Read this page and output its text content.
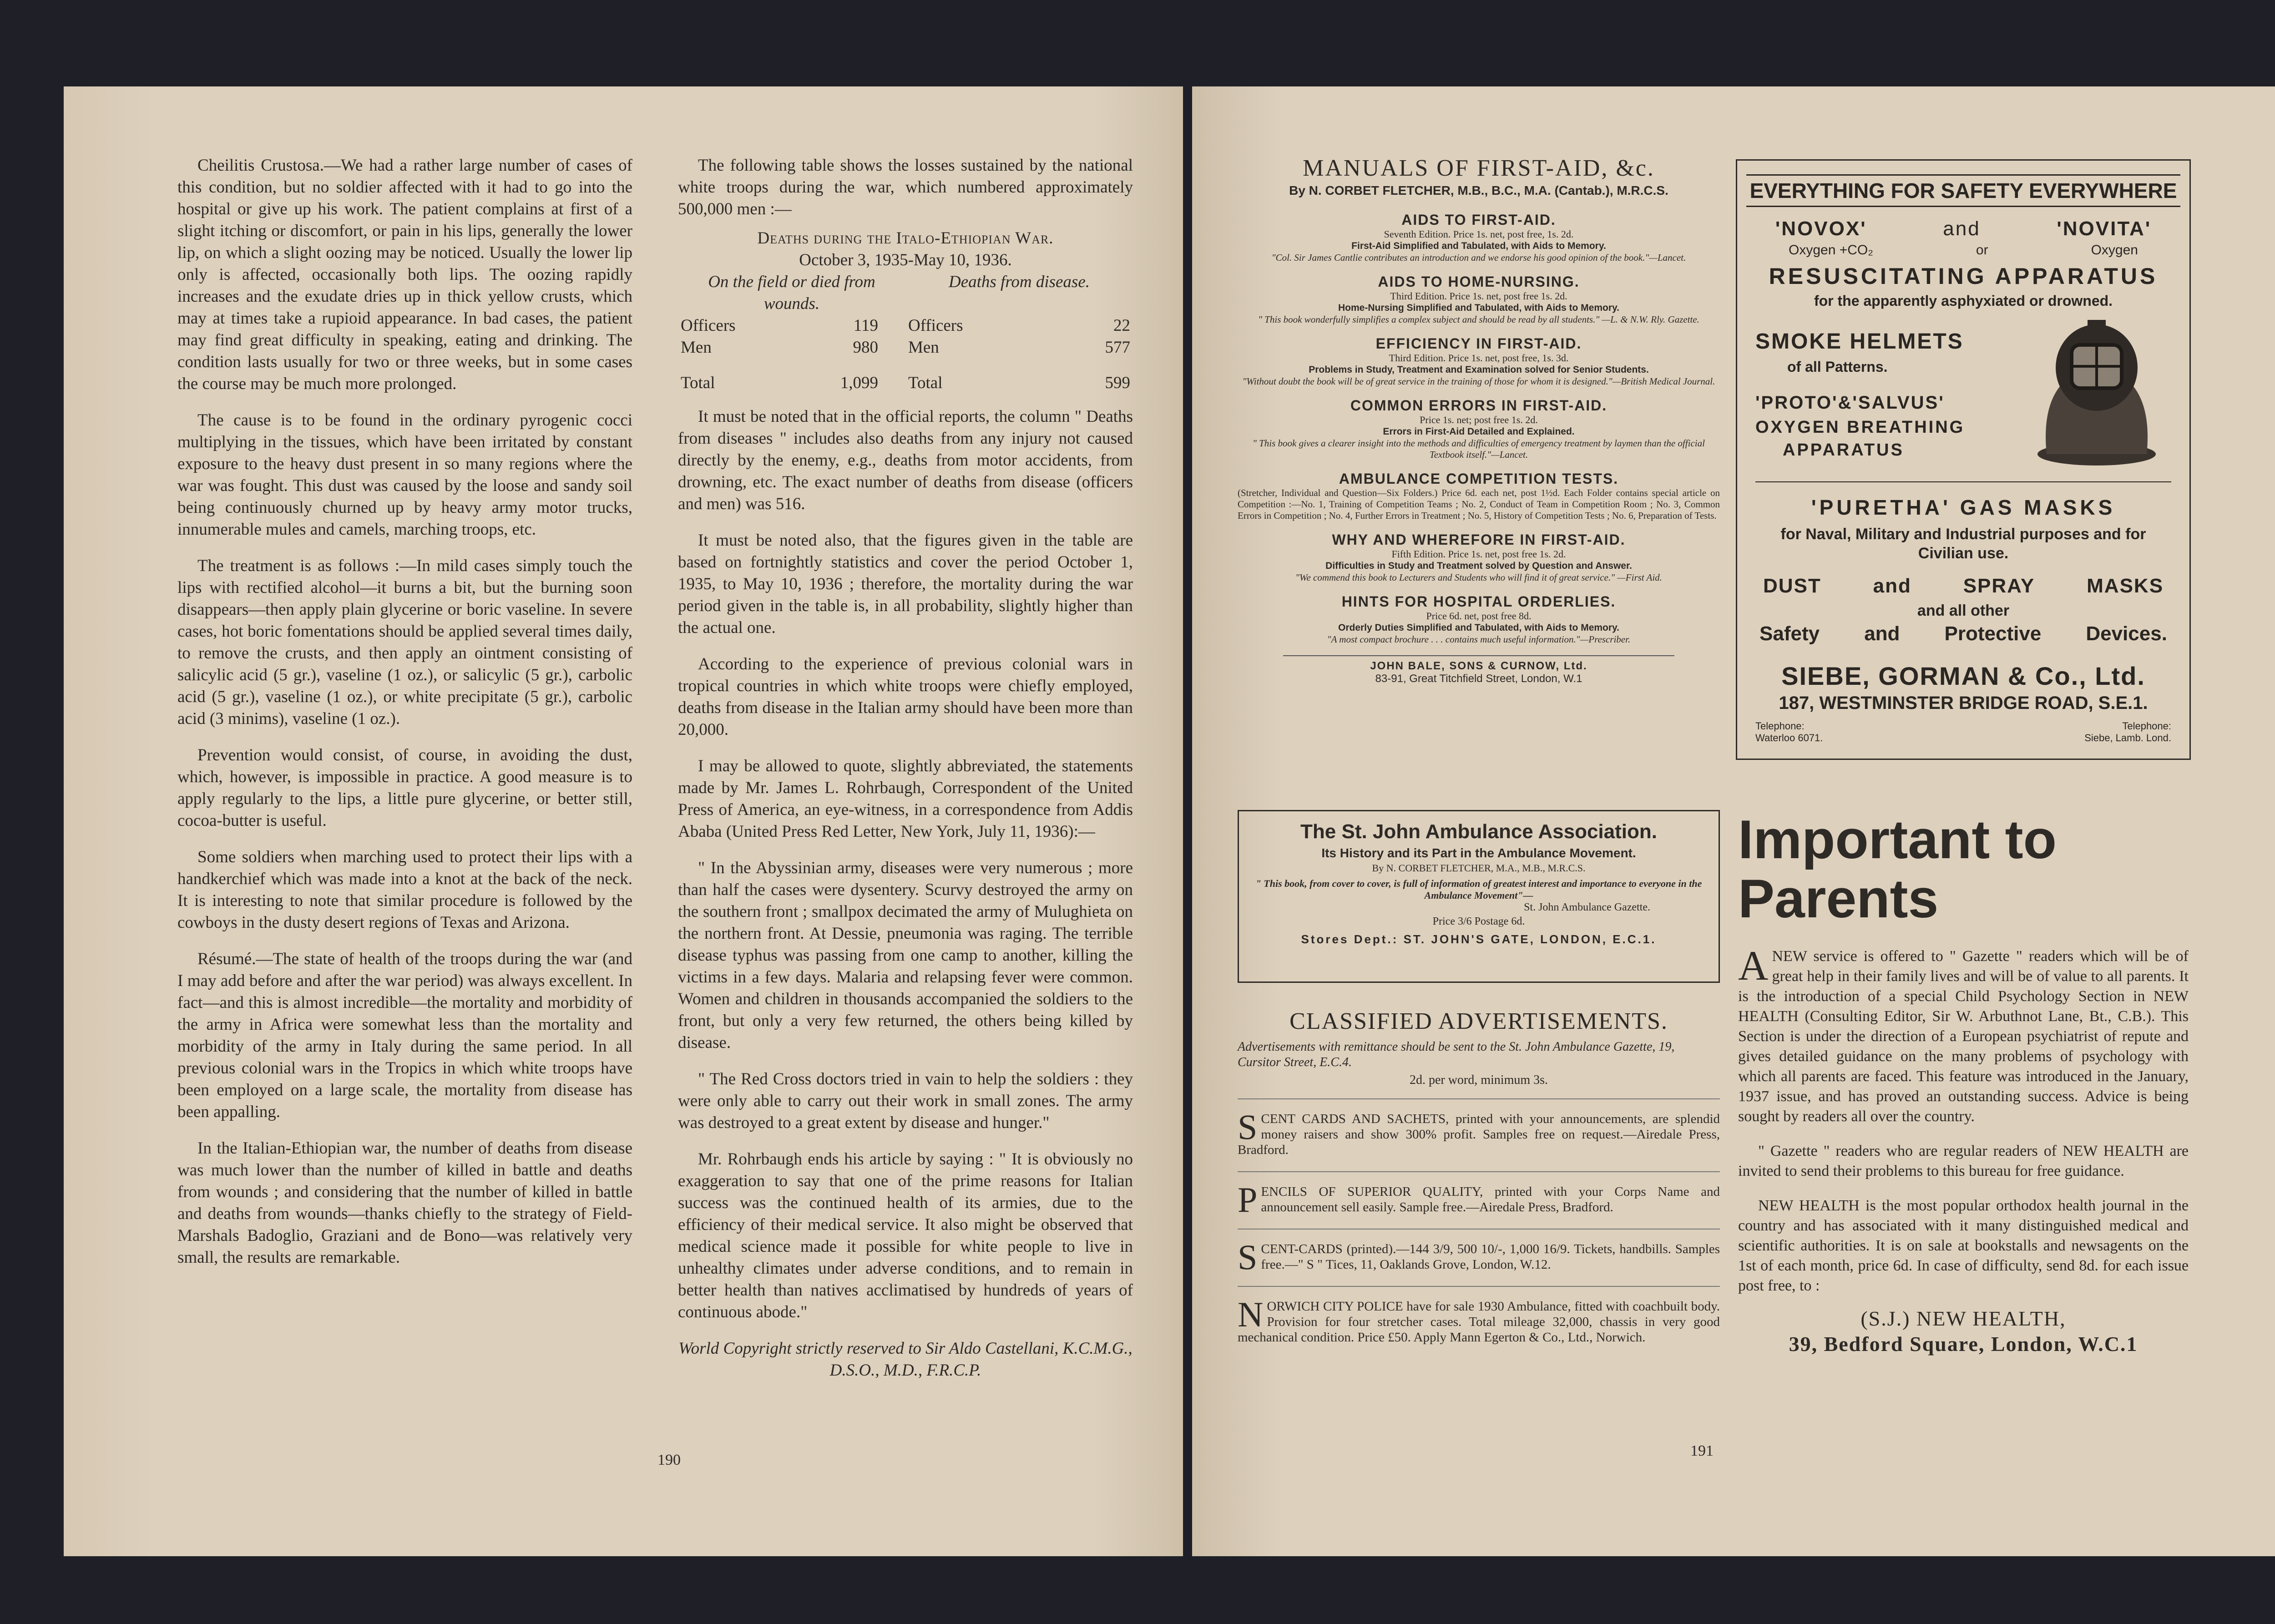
Cheilitis Crustosa.—We had a rather large number of cases of this condition, but no soldier affected with it had to go into the hospital or give up his work. The patient complains at first of a slight itching or discomfort, or pain in his lips, generally the lower lip, on which a slight oozing may be noticed. Usually the lower lip only is affected, occasionally both lips. The oozing rapidly increases and the exudate dries up in thick yellow crusts, which may at times take a rupioid appearance. In bad cases, the patient may find great difficulty in speaking, eating and drinking. The condition lasts usually for two or three weeks, but in some cases the course may be much more prolonged.

The cause is to be found in the ordinary pyrogenic cocci multiplying in the tissues, which have been irritated by constant exposure to the heavy dust present in so many regions where the war was fought. This dust was caused by the loose and sandy soil being continuously churned up by heavy army motor trucks, innumerable mules and camels, marching troops, etc.

The treatment is as follows :—In mild cases simply touch the lips with rectified alcohol—it burns a bit, but the burning soon disappears—then apply plain glycerine or boric vaseline. In severe cases, hot boric fomentations should be applied several times daily, to remove the crusts, and then apply an ointment consisting of salicylic acid (5 gr.), vaseline (1 oz.), or salicylic (5 gr.), carbolic acid (5 gr.), vaseline (1 oz.), or white precipitate (5 gr.), carbolic acid (3 minims), vaseline (1 oz.).

Prevention would consist, of course, in avoiding the dust, which, however, is impossible in practice. A good measure is to apply regularly to the lips, a little pure glycerine, or better still, cocoa-butter is useful.

Some soldiers when marching used to protect their lips with a handkerchief which was made into a knot at the back of the neck. It is interesting to note that similar procedure is followed by the cowboys in the dusty desert regions of Texas and Arizona.

Résumé.—The state of health of the troops during the war (and I may add before and after the war period) was always excellent. In fact—and this is almost incredible—the mortality and morbidity of the army in Africa were somewhat less than the mortality and morbidity of the army in Italy during the same period. In all previous colonial wars in the Tropics in which white troops have been employed on a large scale, the mortality from disease has been appalling.

In the Italian-Ethiopian war, the number of deaths from disease was much lower than the number of killed in battle and deaths from wounds ; and considering that the number of killed in battle and deaths from wounds—thanks chiefly to the strategy of Field-Marshals Badoglio, Graziani and de Bono—was relatively very small, the results are remarkable.

The following table shows the losses sustained by the national white troops during the war, which numbered approximately 500,000 men :—

Deaths during the Italo-Ethiopian War.
October 3, 1935-May 10, 1936.
On the field or died from wounds.		Deaths from disease.	
Officers	119	Officers	22
Men	980	Men	577
Total	1,099	Total	599

It must be noted that in the official reports, the column " Deaths from diseases " includes also deaths from any injury not caused directly by the enemy, e.g., deaths from motor accidents, from drowning, etc. The exact number of deaths from disease (officers and men) was 516.

It must be noted also, that the figures given in the table are based on fortnightly statistics and cover the period October 1, 1935, to May 10, 1936 ; therefore, the mortality during the war period given in the table is, in all probability, slightly higher than the actual one.

According to the experience of previous colonial wars in tropical countries in which white troops were chiefly employed, deaths from disease in the Italian army should have been more than 20,000.

I may be allowed to quote, slightly abbreviated, the statements made by Mr. James L. Rohrbaugh, Correspondent of the United Press of America, an eye-witness, in a correspondence from Addis Ababa (United Press Red Letter, New York, July 11, 1936):—

" In the Abyssinian army, diseases were very numerous ; more than half the cases were dysentery. Scurvy destroyed the army on the southern front ; smallpox decimated the army of Mulughieta on the northern front. At Dessie, pneumonia was raging. The terrible disease typhus was passing from one camp to another, killing the victims in a few days. Malaria and relapsing fever were common. Women and children in thousands accompanied the soldiers to the front, but only a very few returned, the others being killed by disease.

" The Red Cross doctors tried in vain to help the soldiers : they were only able to carry out their work in small zones. The army was destroyed to a great extent by disease and hunger."

Mr. Rohrbaugh ends his article by saying : " It is obviously no exaggeration to say that one of the prime reasons for Italian success was the continued health of its armies, due to the efficiency of their medical service. It also might be observed that medical science made it possible for white people to live in unhealthy climates under adverse conditions, and to remain in better health than natives acclimatised by hundreds of years of continuous abode."

World Copyright strictly reserved to Sir Aldo Castellani, K.C.M.G., D.S.O., M.D., F.R.C.P.

190
MANUALS OF FIRST-AID, &c.
By N. CORBET FLETCHER, M.B., B.C., M.A. (Cantab.), M.R.C.S.
AIDS TO FIRST-AID.
Seventh Edition. Price 1s. net, post free, 1s. 2d.
First-Aid Simplified and Tabulated, with Aids to Memory.
"Col. Sir James Cantlie contributes an introduction and we endorse his good opinion of the book."—Lancet.
AIDS TO HOME-NURSING.
Third Edition. Price 1s. net, post free 1s. 2d.
Home-Nursing Simplified and Tabulated, with Aids to Memory.
" This book wonderfully simplifies a complex subject and should be read by all students." —L. & N.W. Rly. Gazette.
EFFICIENCY IN FIRST-AID.
Third Edition. Price 1s. net, post free, 1s. 3d.
Problems in Study, Treatment and Examination solved for Senior Students.
"Without doubt the book will be of great service in the training of those for whom it is designed."—British Medical Journal.
COMMON ERRORS IN FIRST-AID.
Price 1s. net; post free 1s. 2d.
Errors in First-Aid Detailed and Explained.
" This book gives a clearer insight into the methods and difficulties of emergency treatment by laymen than the official Textbook itself."—Lancet.
AMBULANCE COMPETITION TESTS.
(Stretcher, Individual and Question—Six Folders.) Price 6d. each net, post 1½d. Each Folder contains special article on Competition :—No. 1, Training of Competition Teams ; No. 2, Conduct of Team in Competition Room ; No. 3, Common Errors in Competition ; No. 4, Further Errors in Treatment ; No. 5, History of Competition Tests ; No. 6, Preparation of Tests.
WHY AND WHEREFORE IN FIRST-AID.
Fifth Edition. Price 1s. net, post free 1s. 2d.
Difficulties in Study and Treatment solved by Question and Answer.
"We commend this book to Lecturers and Students who will find it of great service." —First Aid.
HINTS FOR HOSPITAL ORDERLIES.
Price 6d. net, post free 8d.
Orderly Duties Simplified and Tabulated, with Aids to Memory.
"A most compact brochure . . . contains much useful information."—Prescriber.
JOHN BALE, SONS & CURNOW, Ltd.
83-91, Great Titchfield Street, London, W.1
The St. John Ambulance Association.
Its History and its Part in the Ambulance Movement.
By N. CORBET FLETCHER, M.A., M.B., M.R.C.S.
" This book, from cover to cover, is full of information of greatest interest and importance to everyone in the Ambulance Movement"—
St. John Ambulance Gazette.
Price 3/6 Postage 6d.
Stores Dept.: ST. JOHN'S GATE, LONDON, E.C.1.
CLASSIFIED ADVERTISEMENTS.
Advertisements with remittance should be sent to the St. John Ambulance Gazette, 19, Cursitor Street, E.C.4.
2d. per word, minimum 3s.
SCENT CARDS AND SACHETS, printed with your announcements, are splendid money raisers and show 300% profit. Samples free on request.—Airedale Press, Bradford.
PENCILS OF SUPERIOR QUALITY, printed with your Corps Name and announcement sell easily. Sample free.—Airedale Press, Bradford.
SCENT-CARDS (printed).—144 3/9, 500 10/-, 1,000 16/9. Tickets, handbills. Samples free.—" S " Tices, 11, Oaklands Grove, London, W.12.
NORWICH CITY POLICE have for sale 1930 Ambulance, fitted with coachbuilt body. Provision for four stretcher cases. Total mileage 32,000, chassis in very good mechanical condition. Price £50. Apply Mann Egerton & Co., Ltd., Norwich.
EVERYTHING FOR SAFETY EVERYWHERE
'NOVOX'	and	'NOVITA'
Oxygen +CO₂	or	Oxygen
RESUSCITATING APPARATUS
for the apparently asphyxiated or drowned.
SMOKE HELMETS
of all Patterns.
'PROTO'&'SALVUS'
OXYGEN BREATHING
APPARATUS
'PURETHA' GAS MASKS
for Naval, Military and Industrial purposes and for Civilian use.
DUST	and	SPRAY	MASKS
and all other
Safety and Protective Devices.
SIEBE, GORMAN & Co., Ltd.
187, WESTMINSTER BRIDGE ROAD, S.E.1.
Telephone:
Waterloo 6071.
Telephone:
Siebe, Lamb. Lond.
Important to Parents

A NEW service is offered to " Gazette " readers which will be of great help in their family lives and will be of value to all parents. It is the introduction of a special Child Psychology Section in NEW HEALTH (Consulting Editor, Sir W. Arbuthnot Lane, Bt., C.B.). This Section is under the direction of a European psychiatrist of repute and gives detailed guidance on the many problems of psychology with which all parents are faced. This feature was introduced in the January, 1937 issue, and has proved an outstanding success. Advice is being sought by readers all over the country.

" Gazette " readers who are regular readers of NEW HEALTH are invited to send their problems to this bureau for free guidance.

NEW HEALTH is the most popular orthodox health journal in the country and has associated with it many distinguished medical and scientific authorities. It is on sale at bookstalls and newsagents on the 1st of each month, price 6d. In case of difficulty, send 8d. for each issue post free, to :

(S.J.) NEW HEALTH,
39, Bedford Square, London, W.C.1
191
